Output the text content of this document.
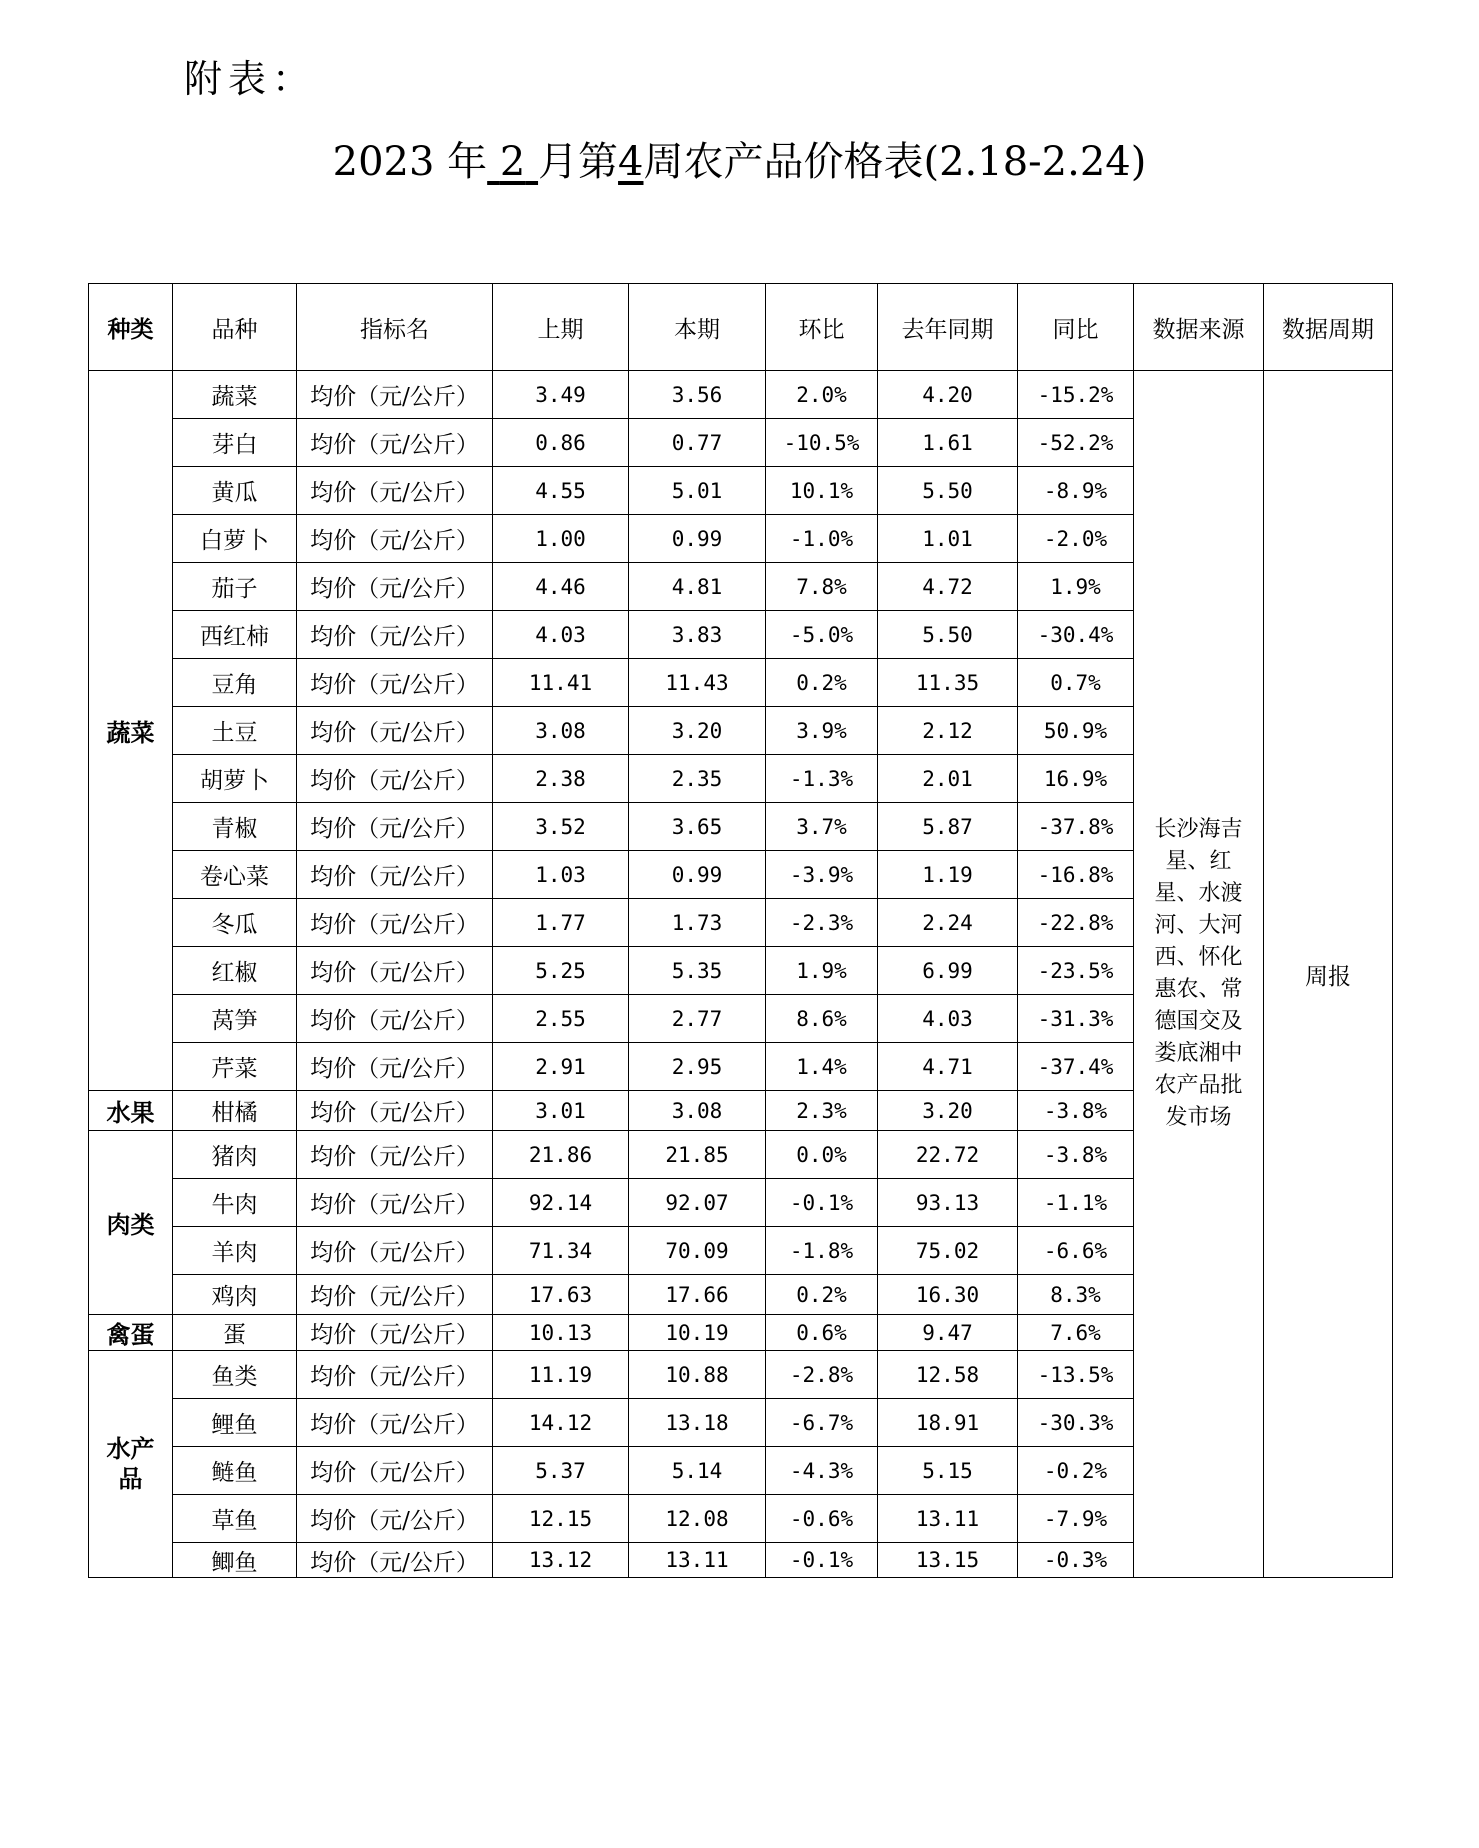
附表：
2023 年 2 月第4周农产品价格表(2.18-2.24)
种类	品种	指标名	上期	本期	环比	去年同期	同比	数据来源	数据周期
蔬菜	蔬菜	均价（元/公斤）	3.49	3.56	2.0%	4.20	-15.2%	长沙海吉星、红星、水渡河、大河西、怀化惠农、常德国交及娄底湘中农产品批发市场	周报
	芽白	均价（元/公斤）	0.86	0.77	-10.5%	1.61	-52.2%		
	黄瓜	均价（元/公斤）	4.55	5.01	10.1%	5.50	-8.9%		
	白萝卜	均价（元/公斤）	1.00	0.99	-1.0%	1.01	-2.0%		
	茄子	均价（元/公斤）	4.46	4.81	7.8%	4.72	1.9%		
	西红柿	均价（元/公斤）	4.03	3.83	-5.0%	5.50	-30.4%		
	豆角	均价（元/公斤）	11.41	11.43	0.2%	11.35	0.7%		
	土豆	均价（元/公斤）	3.08	3.20	3.9%	2.12	50.9%		
	胡萝卜	均价（元/公斤）	2.38	2.35	-1.3%	2.01	16.9%		
	青椒	均价（元/公斤）	3.52	3.65	3.7%	5.87	-37.8%		
	卷心菜	均价（元/公斤）	1.03	0.99	-3.9%	1.19	-16.8%		
	冬瓜	均价（元/公斤）	1.77	1.73	-2.3%	2.24	-22.8%		
	红椒	均价（元/公斤）	5.25	5.35	1.9%	6.99	-23.5%		
	莴笋	均价（元/公斤）	2.55	2.77	8.6%	4.03	-31.3%		
	芹菜	均价（元/公斤）	2.91	2.95	1.4%	4.71	-37.4%		
水果	柑橘	均价（元/公斤）	3.01	3.08	2.3%	3.20	-3.8%		
肉类	猪肉	均价（元/公斤）	21.86	21.85	0.0%	22.72	-3.8%		
	牛肉	均价（元/公斤）	92.14	92.07	-0.1%	93.13	-1.1%		
	羊肉	均价（元/公斤）	71.34	70.09	-1.8%	75.02	-6.6%		
	鸡肉	均价（元/公斤）	17.63	17.66	0.2%	16.30	8.3%		
禽蛋	蛋	均价（元/公斤）	10.13	10.19	0.6%	9.47	7.6%		
水产品	鱼类	均价（元/公斤）	11.19	10.88	-2.8%	12.58	-13.5%		
	鲤鱼	均价（元/公斤）	14.12	13.18	-6.7%	18.91	-30.3%		
	鲢鱼	均价（元/公斤）	5.37	5.14	-4.3%	5.15	-0.2%		
	草鱼	均价（元/公斤）	12.15	12.08	-0.6%	13.11	-7.9%		
	鲫鱼	均价（元/公斤）	13.12	13.11	-0.1%	13.15	-0.3%		
